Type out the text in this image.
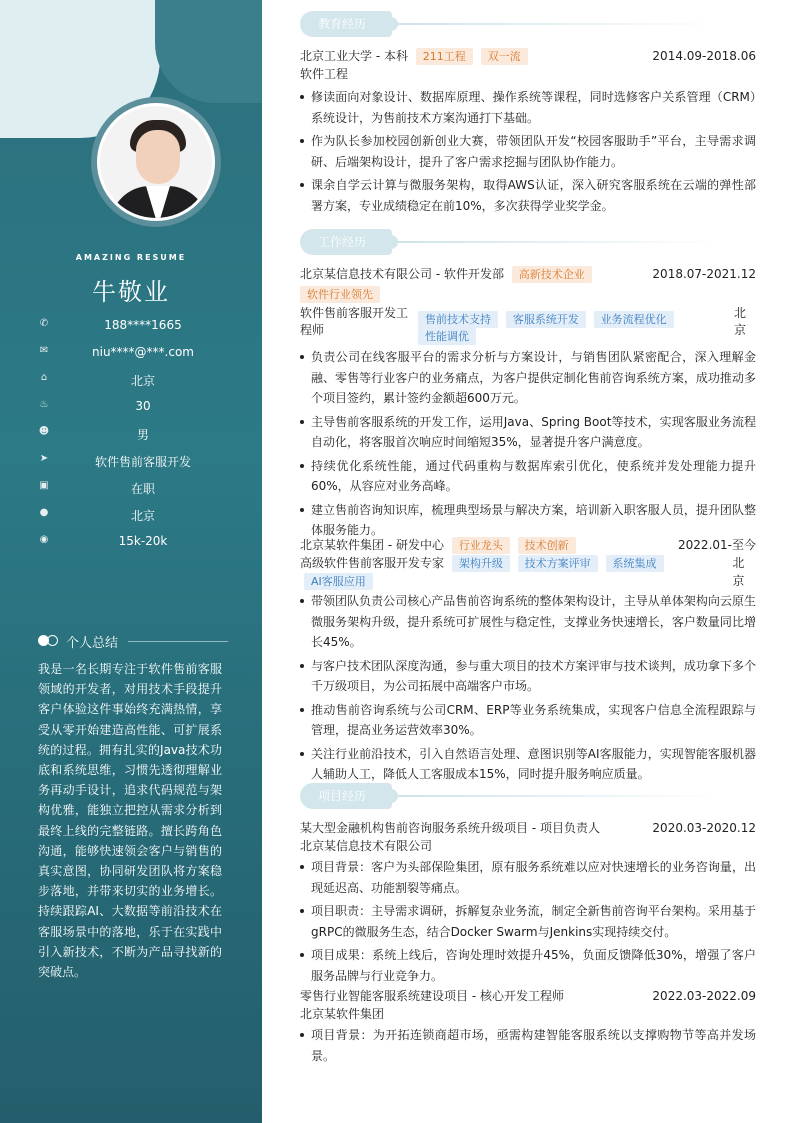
AMAZING RESUME
牛敬业
✆	188****1665
✉	niu****@***.com
⌂	北京
♨	30
☻	男
➤	软件售前客服开发
▣	在职
●	北京
◉	15k-20k
个人总结
我是一名长期专注于软件售前客服领域的开发者，对用技术手段提升客户体验这件事始终充满热情，享受从零开始建造高性能、可扩展系统的过程。拥有扎实的Java技术功底和系统思维，习惯先透彻理解业务再动手设计，追求代码规范与架构优雅，能独立把控从需求分析到最终上线的完整链路。擅长跨角色沟通，能够快速领会客户与销售的真实意图，协同研发团队将方案稳步落地，并带来切实的业务增长。持续跟踪AI、大数据等前沿技术在客服场景中的落地，乐于在实践中引入新技术，不断为产品寻找新的突破点。
教育经历
北京工业大学 - 本科 211工程 双一流	2014.09-2018.06
软件工程
修读面向对象设计、数据库原理、操作系统等课程，同时选修客户关系管理（CRM）系统设计，为售前技术方案沟通打下基础。
作为队长参加校园创新创业大赛，带领团队开发“校园客服助手”平台，主导需求调研、后端架构设计，提升了客户需求挖掘与团队协作能力。
课余自学云计算与微服务架构，取得AWS认证，深入研究客服系统在云端的弹性部署方案，专业成绩稳定在前10%，多次获得学业奖学金。
工作经历
北京某信息技术有限公司 - 软件开发部 高新技术企业	2018.07-2021.12
软件行业领先
软件售前客服开发工程师
售前技术支持 客服系统开发 业务流程优化 性能调优
北京
负责公司在线客服平台的需求分析与方案设计，与销售团队紧密配合，深入理解金融、零售等行业客户的业务痛点，为客户提供定制化售前咨询系统方案，成功推动多个项目签约，累计签约金额超600万元。
主导售前客服系统的开发工作，运用Java、Spring Boot等技术，实现客服业务流程自动化，将客服首次响应时间缩短35%，显著提升客户满意度。
持续优化系统性能，通过代码重构与数据库索引优化，使系统并发处理能力提升60%，从容应对业务高峰。
建立售前咨询知识库，梳理典型场景与解决方案，培训新入职客服人员，提升团队整体服务能力。
北京某软件集团 - 研发中心 行业龙头 技术创新	2022.01-至今
高级软件售前客服开发专家 架构升级 技术方案评审 系统集成 AI客服应用
北京
带领团队负责公司核心产品售前咨询系统的整体架构设计，主导从单体架构向云原生微服务架构升级，提升系统可扩展性与稳定性，支撑业务快速增长，客户数量同比增长45%。
与客户技术团队深度沟通，参与重大项目的技术方案评审与技术谈判，成功拿下多个千万级项目，为公司拓展中高端客户市场。
推动售前咨询系统与公司CRM、ERP等业务系统集成，实现客户信息全流程跟踪与管理，提高业务运营效率30%。
关注行业前沿技术，引入自然语言处理、意图识别等AI客服能力，实现智能客服机器人辅助人工，降低人工客服成本15%，同时提升服务响应质量。
项目经历
某大型金融机构售前咨询服务系统升级项目 - 项目负责人	2020.03-2020.12
北京某信息技术有限公司
项目背景：客户为头部保险集团，原有服务系统难以应对快速增长的业务咨询量，出现延迟高、功能割裂等痛点。
项目职责：主导需求调研，拆解复杂业务流，制定全新售前咨询平台架构。采用基于gRPC的微服务生态，结合Docker Swarm与Jenkins实现持续交付。
项目成果：系统上线后，咨询处理时效提升45%，负面反馈降低30%，增强了客户服务品牌与行业竞争力。
零售行业智能客服系统建设项目 - 核心开发工程师	2022.03-2022.09
北京某软件集团
项目背景：为开拓连锁商超市场，亟需构建智能客服系统以支撑购物节等高并发场景。
